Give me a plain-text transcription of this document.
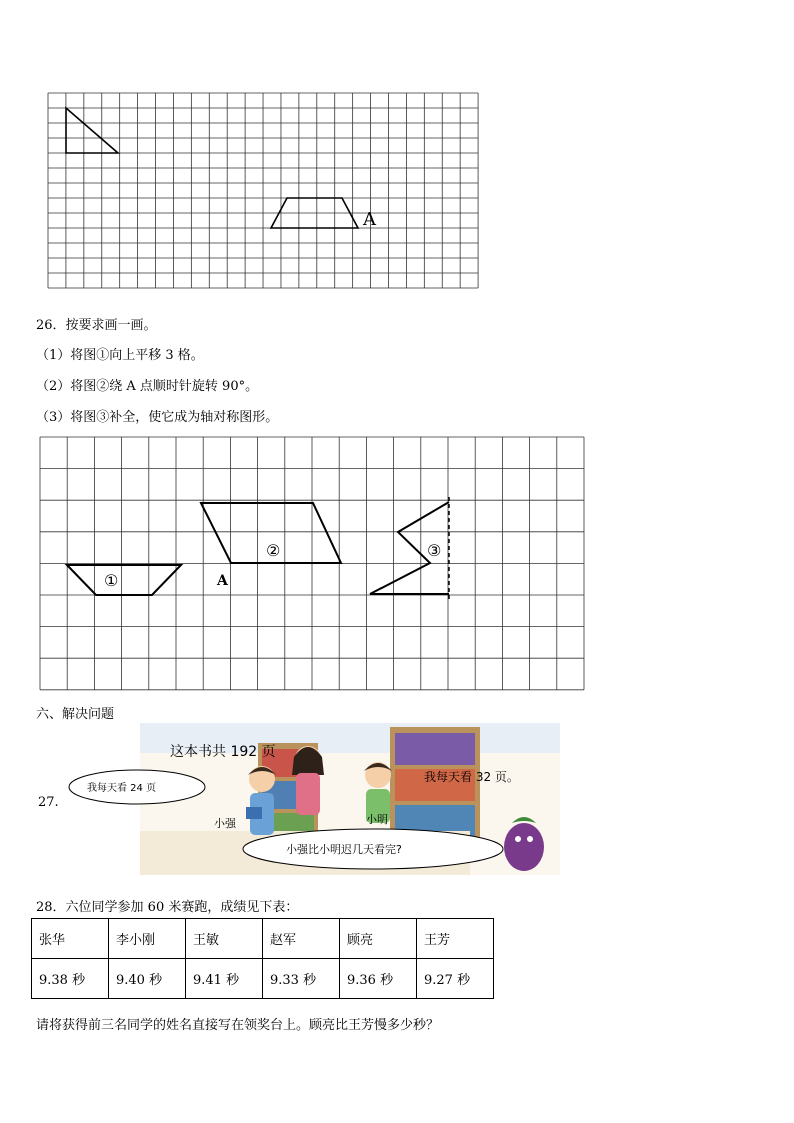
A
26．按要求画一画。
（1）将图①向上平移 3 格。
（2）将图②绕 A 点顺时针旋转 90°。
（3）将图③补全，使它成为轴对称图形。
①
②	③
A
六、解决问题
27.
这本书共 192 页
我每天看 24 页
我每天看 32 页。
小强比小明迟几天看完?
小强	小明
28．六位同学参加 60 米赛跑，成绩见下表：
张华	李小刚	王敏	赵军	顾亮	王芳
9.38 秒	9.40 秒	9.41 秒	9.33 秒	9.36 秒	9.27 秒
请将获得前三名同学的姓名直接写在领奖台上。顾亮比王芳慢多少秒？
